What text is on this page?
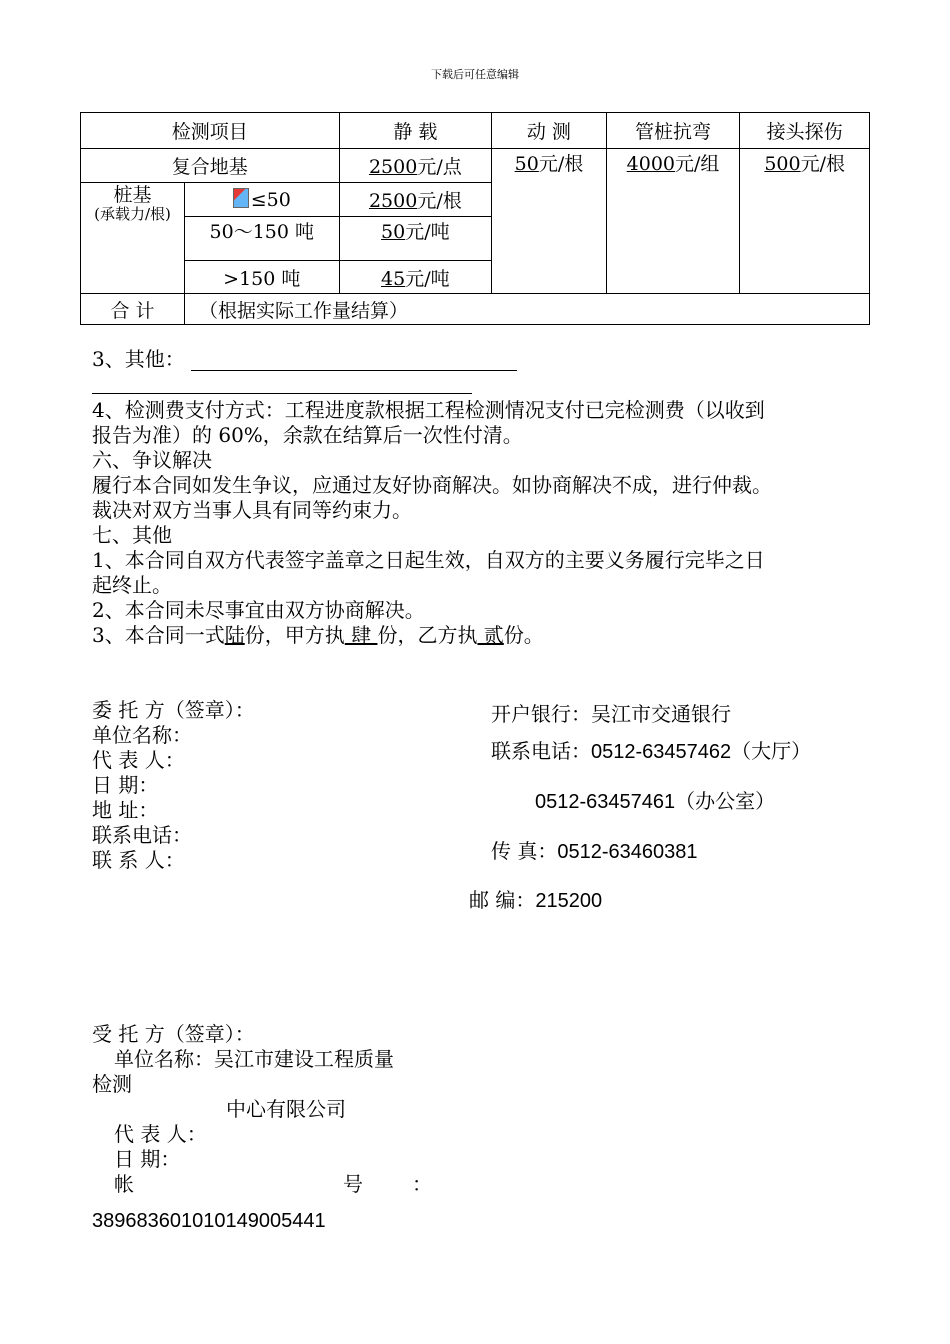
下载后可任意编辑
检测项目		静 载	动 测	管桩抗弯	接头探伤
复合地基		2500元/点	50元/根	4000元/组	500元/根

桩基
(承载力/根)	≤50	2500元/根			
	50～150 吨	50元/吨			
	>150 吨	45元/吨			
合 计	（根据实际工作量结算）				
3、其他：
4、检测费支付方式：工程进度款根据工程检测情况支付已完检测费（以收到
报告为准）的 60%，余款在结算后一次性付清。
六、争议解决
履行本合同如发生争议，应通过友好协商解决。如协商解决不成，进行仲裁。
裁决对双方当事人具有同等约束力。
七、其他
1、本合同自双方代表签字盖章之日起生效，自双方的主要义务履行完毕之日
起终止。
2、本合同未尽事宜由双方协商解决。
3、本合同一式陆份，甲方执 肆 份，乙方执 贰份。
委 托 方（签章）：
单位名称：
代 表 人：
日 期：
地 址：
联系电话：
联 系 人：
开户银行：吴江市交通银行
联系电话：0512-63457462（大厅）
0512-63457461（办公室）
传 真：0512-63460381
邮 编：215200
受 托 方（签章）：
单位名称：吴江市建设工程质量
检测
中心有限公司
代 表 人：
日 期：
帐	号 ：
389683601010149005441
